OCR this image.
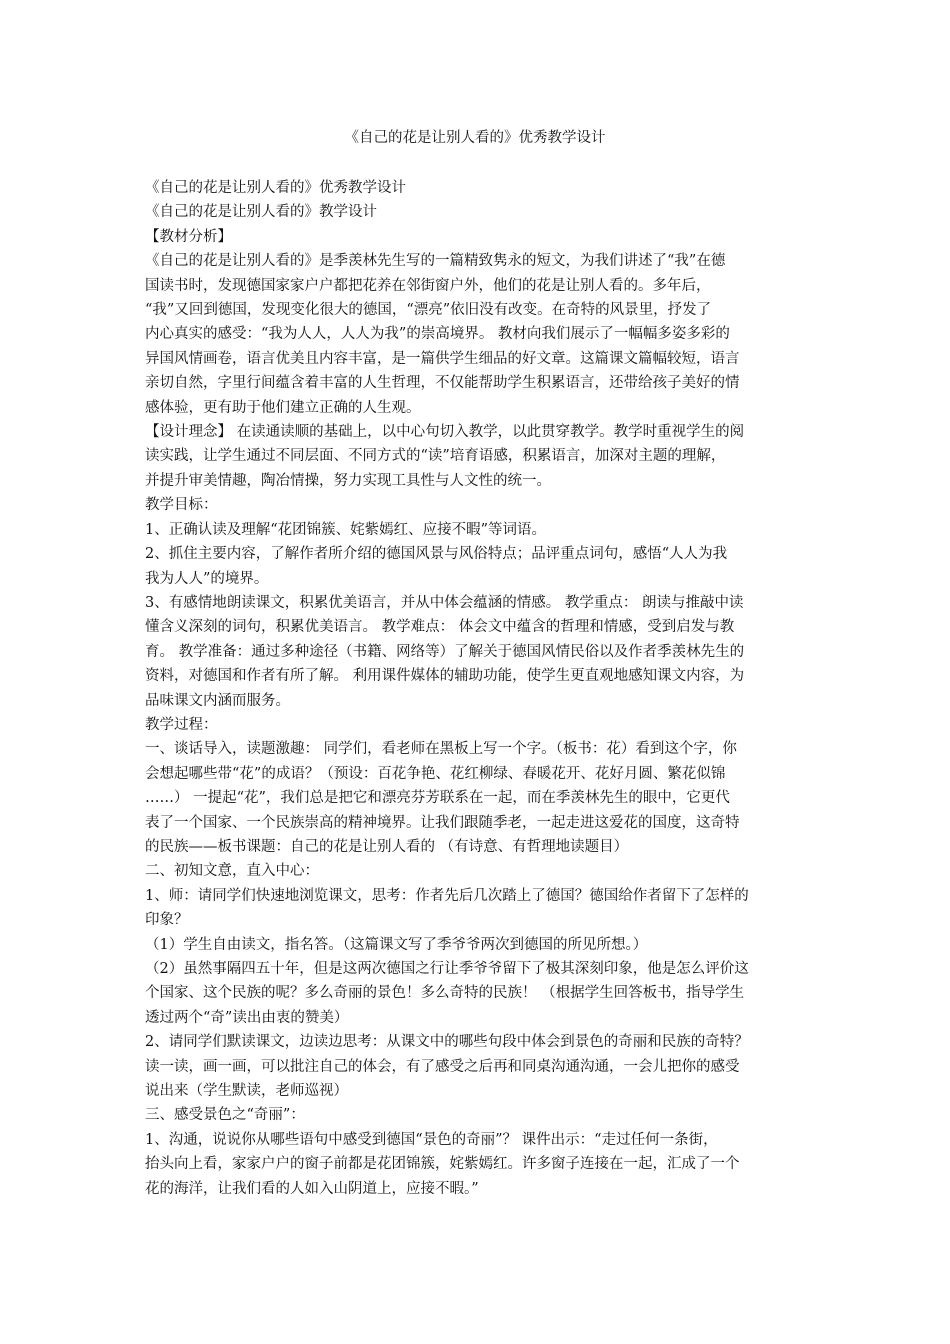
《自己的花是让别人看的》优秀教学设计

《自己的花是让别人看的》优秀教学设计

《自己的花是让别人看的》教学设计

【教材分析】

《自己的花是让别人看的》是季羡林先生写的一篇精致隽永的短文，为我们讲述了“我”在德

国读书时，发现德国家家户户都把花养在邻街窗户外，他们的花是让别人看的。多年后，

“我”又回到德国，发现变化很大的德国，“漂亮”依旧没有改变。在奇特的风景里，抒发了

内心真实的感受：“我为人人，人人为我”的崇高境界。 教材向我们展示了一幅幅多姿多彩的

异国风情画卷，语言优美且内容丰富，是一篇供学生细品的好文章。这篇课文篇幅较短，语言

亲切自然，字里行间蕴含着丰富的人生哲理，不仅能帮助学生积累语言，还带给孩子美好的情

感体验，更有助于他们建立正确的人生观。

【设计理念】 在读通读顺的基础上，以中心句切入教学，以此贯穿教学。教学时重视学生的阅

读实践，让学生通过不同层面、不同方式的“读”培育语感，积累语言，加深对主题的理解，

并提升审美情趣，陶冶情操，努力实现工具性与人文性的统一。

教学目标：

1、正确认读及理解“花团锦簇、姹紫嫣红、应接不暇”等词语。

2、抓住主要内容，了解作者所介绍的德国风景与风俗特点；品评重点词句，感悟“人人为我

我为人人”的境界。

3、有感情地朗读课文，积累优美语言，并从中体会蕴涵的情感。 教学重点： 朗读与推敲中读

懂含义深刻的词句，积累优美语言。 教学难点： 体会文中蕴含的哲理和情感，受到启发与教

育。 教学准备：通过多种途径（书籍、网络等）了解关于德国风情民俗以及作者季羡林先生的

资料，对德国和作者有所了解。 利用课件媒体的辅助功能，使学生更直观地感知课文内容，为

品味课文内涵而服务。

教学过程：

一、谈话导入，读题激趣： 同学们，看老师在黑板上写一个字。（板书：花）看到这个字，你

会想起哪些带“花”的成语？（预设：百花争艳、花红柳绿、春暖花开、花好月圆、繁花似锦

……） 一提起“花”，我们总是把它和漂亮芬芳联系在一起，而在季羡林先生的眼中，它更代

表了一个国家、一个民族崇高的精神境界。让我们跟随季老，一起走进这爱花的国度，这奇特

的民族——板书课题：自己的花是让别人看的 （有诗意、有哲理地读题目）

二、初知文意，直入中心：

1、师：请同学们快速地浏览课文，思考：作者先后几次踏上了德国？德国给作者留下了怎样的

印象？

（1）学生自由读文，指名答。（这篇课文写了季爷爷两次到德国的所见所想。）

（2）虽然事隔四五十年，但是这两次德国之行让季爷爷留下了极其深刻印象，他是怎么评价这

个国家、这个民族的呢？多么奇丽的景色！多么奇特的民族！ （根据学生回答板书，指导学生

透过两个“奇”读出由衷的赞美）

2、请同学们默读课文，边读边思考：从课文中的哪些句段中体会到景色的奇丽和民族的奇特？

读一读，画一画，可以批注自己的体会，有了感受之后再和同桌沟通沟通，一会儿把你的感受

说出来（学生默读，老师巡视）

三、感受景色之“奇丽”：

1、沟通，说说你从哪些语句中感受到德国“景色的奇丽”？ 课件出示：“走过任何一条街，

抬头向上看，家家户户的窗子前都是花团锦簇，姹紫嫣红。许多窗子连接在一起，汇成了一个

花的海洋，让我们看的人如入山阴道上，应接不暇。”
